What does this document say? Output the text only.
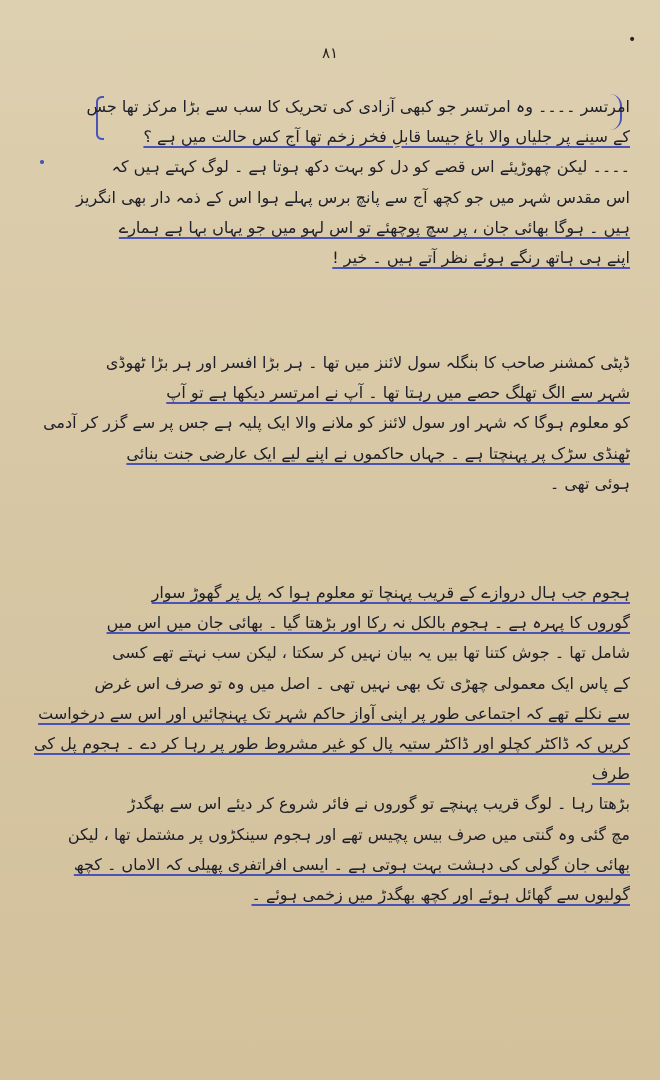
۸۱
•

امرتسر ۔۔۔۔ وہ امرتسر جو کبھی آزادی کی تحریک کا سب سے بڑا مرکز تھا جس

کے سینے پر جلیاں والا باغ جیسا قابلِ فخر زخم تھا آج کس حالت میں ہے ؟

۔۔۔۔ لیکن چھوڑیئے اس قصے کو دل کو بہت دکھ ہوتا ہے ۔ لوگ کہتے ہیں کہ

اس مقدس شہر میں جو کچھ آج سے پانچ برس پہلے ہوا اس کے ذمہ دار بھی انگریز

ہیں ۔ ہوگا بھائی جان ، پر سچ پوچھئے تو اس لہو میں جو یہاں بہا ہے ہمارے

اپنے ہی ہاتھ رنگے ہوئے نظر آتے ہیں ۔ خیر !

ڈپٹی کمشنر صاحب کا بنگلہ سول لائنز میں تھا ۔ ہر بڑا افسر اور ہر بڑا ٹھوڈی

شہر سے الگ تھلگ حصے میں رہتا تھا ۔ آپ نے امرتسر دیکھا ہے تو آپ

کو معلوم ہوگا کہ شہر اور سول لائنز کو ملانے والا ایک پلیہ ہے جس پر سے گزر کر آدمی

ٹھنڈی سڑک پر پہنچتا ہے ۔ جہاں حاکموں نے اپنے لیے ایک عارضی جنت بنائی

ہوئی تھی ۔

ہجوم جب ہال دروازے کے قریب پہنچا تو معلوم ہوا کہ پل پر گھوڑ سوار

گوروں کا پہرہ ہے ۔ ہجوم بالکل نہ رکا اور بڑھتا گیا ۔ بھائی جان میں اس میں

شامل تھا ۔ جوش کتنا تھا بیں یہ بیان نہیں کر سکتا ، لیکن سب نہتے تھے کسی

کے پاس ایک معمولی چھڑی تک بھی نہیں تھی ۔ اصل میں وہ تو صرف اس غرض

سے نکلے تھے کہ اجتماعی طور پر اپنی آواز حاکم شہر تک پہنچائیں اور اس سے درخواست

کریں کہ ڈاکٹر کچلو اور ڈاکٹر ستیہ پال کو غیر مشروط طور پر رہا کر دے ۔ ہجوم پل کی طرف

بڑھتا رہا ۔ لوگ قریب پہنچے تو گوروں نے فائر شروع کر دیئے اس سے بھگدڑ

مچ گئی وہ گنتی میں صرف بیس پچیس تھے اور ہجوم سینکڑوں پر مشتمل تھا ، لیکن

بھائی جان گولی کی دہشت بہت ہوتی ہے ۔ ایسی افراتفری پھیلی کہ الاماں ۔ کچھ

گولیوں سے گھائل ہوئے اور کچھ بھگدڑ میں زخمی ہوئے ۔
